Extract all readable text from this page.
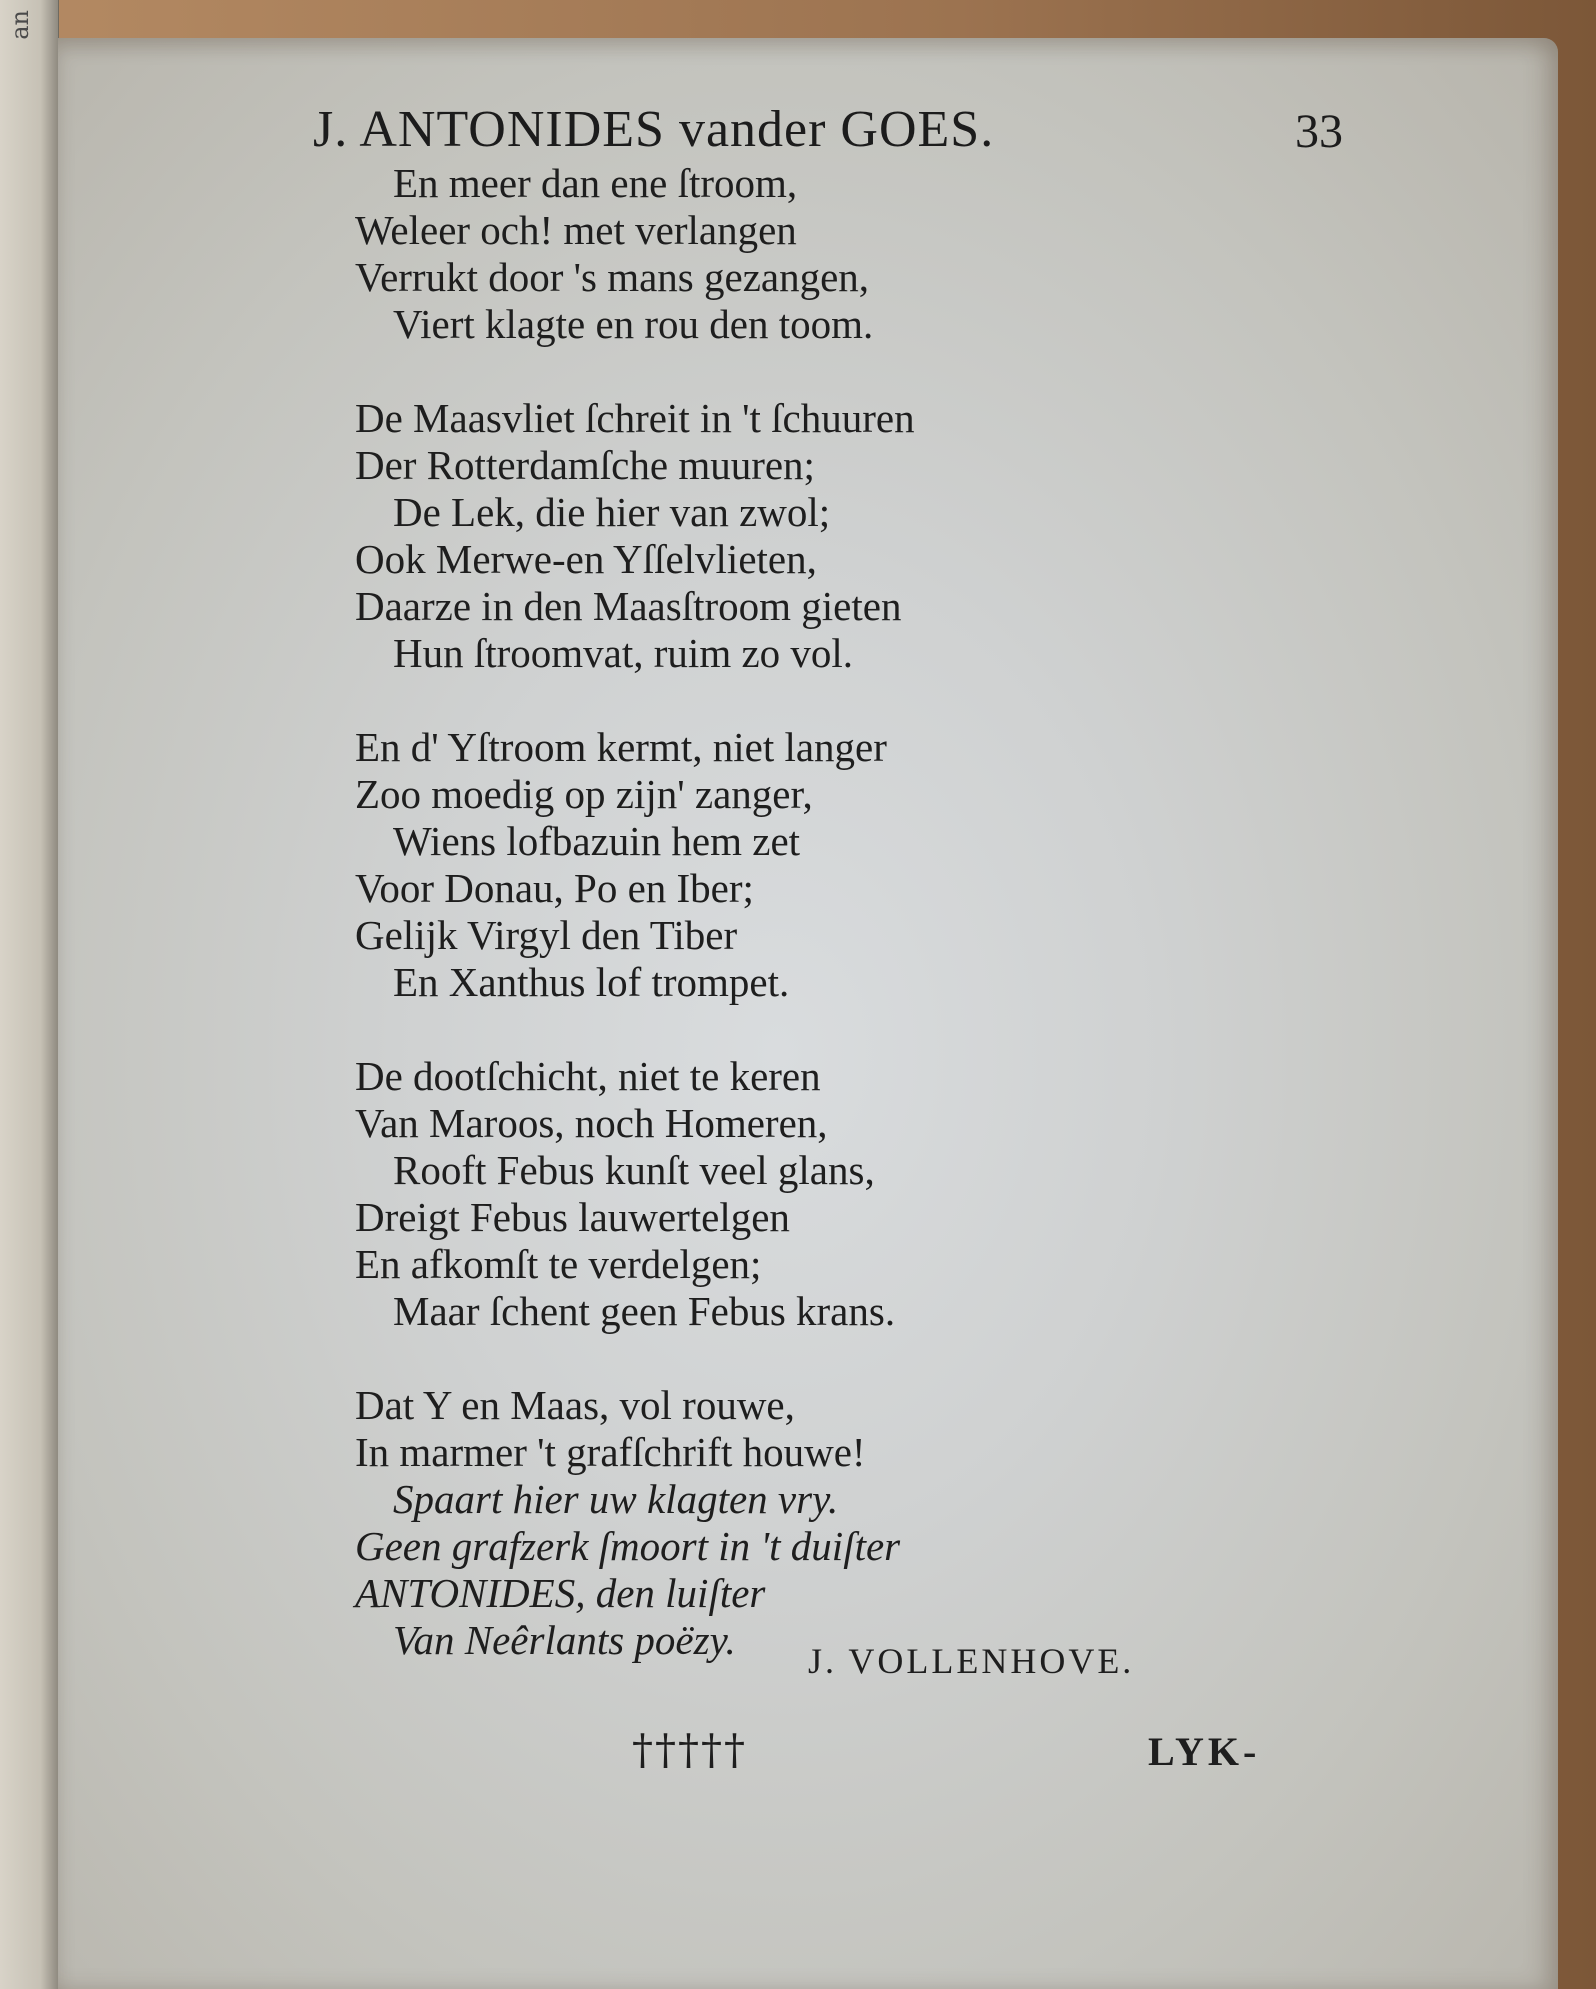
an
J. ANTONIDES vander GOES.	33
En meer dan ene ſtroom,
Weleer och! met verlangen
Verrukt door 's mans gezangen,
Viert klagte en rou den toom.
De Maasvliet ſchreit in 't ſchuuren
Der Rotterdamſche muuren;
De Lek, die hier van zwol;
Ook Merwe-en Yſſelvlieten,
Daarze in den Maasſtroom gieten
Hun ſtroomvat, ruim zo vol.
En d' Yſtroom kermt, niet langer
Zoo moedig op zijn' zanger,
Wiens lofbazuin hem zet
Voor Donau, Po en Iber;
Gelijk Virgyl den Tiber
En Xanthus lof trompet.
De dootſchicht, niet te keren
Van Maroos, noch Homeren,
Rooft Febus kunſt veel glans,
Dreigt Febus lauwertelgen
En afkomſt te verdelgen;
Maar ſchent geen Febus krans.
Dat Y en Maas, vol rouwe,
In marmer 't grafſchrift houwe!
Spaart hier uw klagten vry.
Geen grafzerk ſmoort in 't duiſter
ANTONIDES, den luiſter
Van Neêrlants poëzy.	J. VOLLENHOVE.
†††††	LYK-
